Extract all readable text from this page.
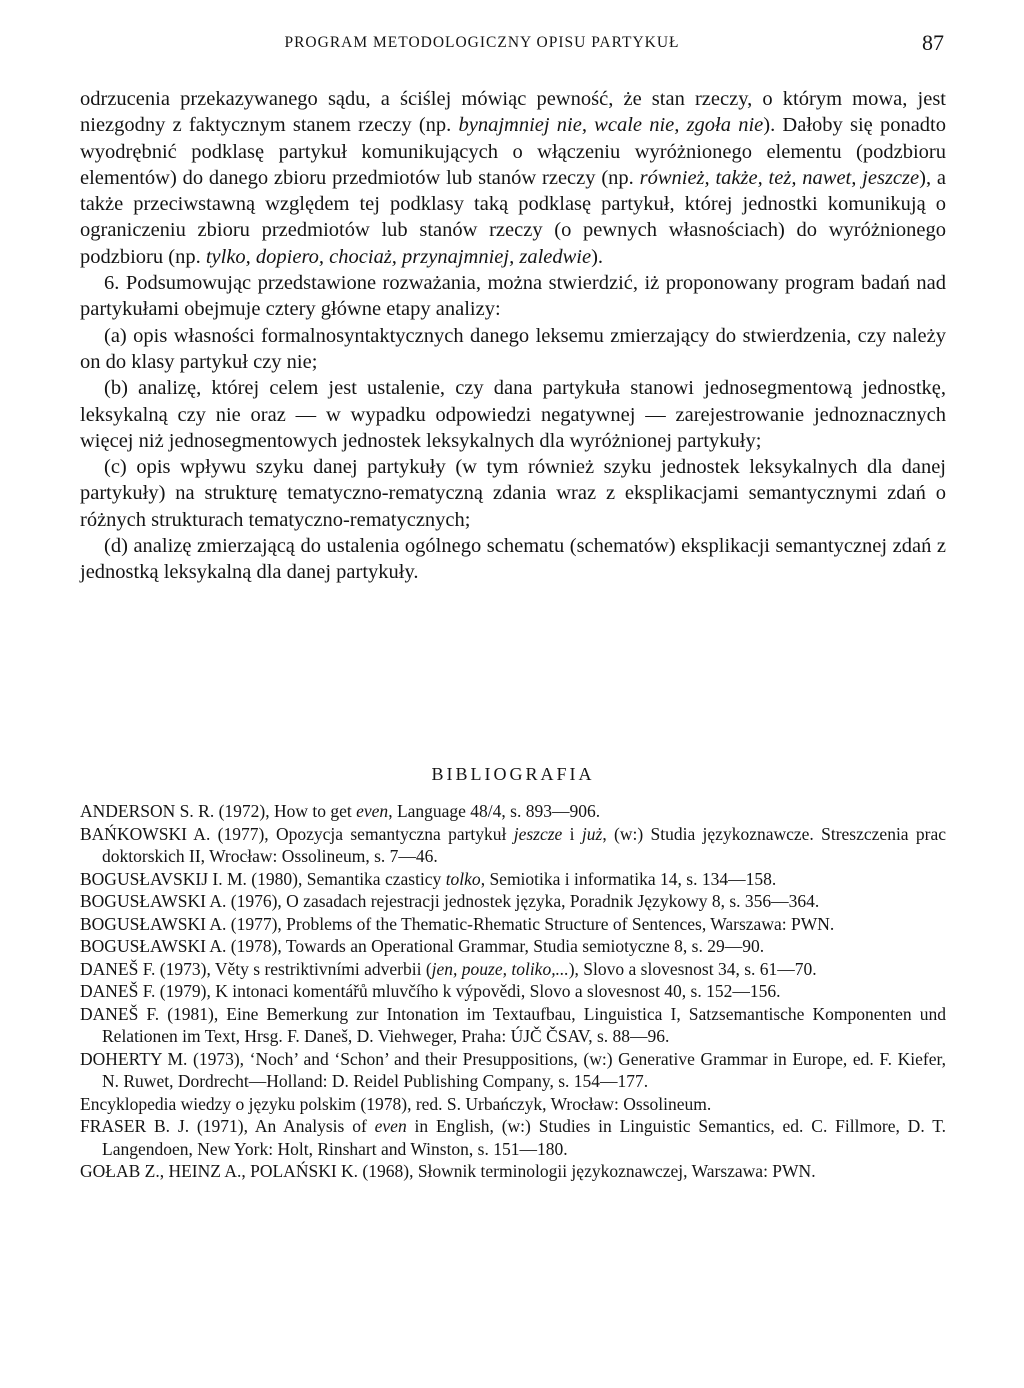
PROGRAM METODOLOGICZNY OPISU PARTYKUŁ	87

odrzucenia przekazywanego sądu, a ściślej mówiąc pewność, że stan rzeczy, o którym mowa, jest niezgodny z faktycznym stanem rzeczy (np. bynajmniej nie, wcale nie, zgoła nie). Dałoby się ponadto wyodrębnić podklasę partykuł komunikujących o włączeniu wyróżnionego elementu (podzbioru elementów) do danego zbioru przedmiotów lub stanów rzeczy (np. również, także, też, nawet, jeszcze), a także przeciwstawną względem tej podklasy taką podklasę partykuł, której jednostki komunikują o ograniczeniu zbioru przedmiotów lub stanów rzeczy (o pewnych własnościach) do wyróżnionego podzbioru (np. tylko, dopiero, chociaż, przynajmniej, zaledwie).

6. Podsumowując przedstawione rozważania, można stwierdzić, iż proponowany program badań nad partykułami obejmuje cztery główne etapy analizy:

(a) opis własności formalnosyntaktycznych danego leksemu zmierzający do stwierdzenia, czy należy on do klasy partykuł czy nie;

(b) analizę, której celem jest ustalenie, czy dana partykuła stanowi jednosegmentową jednostkę, leksykalną czy nie oraz — w wypadku odpowiedzi negatywnej — zarejestrowanie jednoznacznych więcej niż jednosegmentowych jednostek leksykalnych dla wyróżnionej partykuły;

(c) opis wpływu szyku danej partykuły (w tym również szyku jednostek leksykalnych dla danej partykuły) na strukturę tematyczno-rematyczną zdania wraz z eksplikacjami semantycznymi zdań o różnych strukturach tematyczno-rematycznych;

(d) analizę zmierzającą do ustalenia ogólnego schematu (schematów) eksplikacji semantycznej zdań z jednostką leksykalną dla danej partykuły.

BIBLIOGRAFIA

ANDERSON S. R. (1972), How to get even, Language 48/4, s. 893—906.

BAŃKOWSKI A. (1977), Opozycja semantyczna partykuł jeszcze i już, (w:) Studia językoznawcze. Streszczenia prac doktorskich II, Wrocław: Ossolineum, s. 7—46.

BOGUSŁAVSKIJ I. M. (1980), Semantika czasticy tolko, Semiotika i informatika 14, s. 134—158.

BOGUSŁAWSKI A. (1976), O zasadach rejestracji jednostek języka, Poradnik Językowy 8, s. 356—364.

BOGUSŁAWSKI A. (1977), Problems of the Thematic-Rhematic Structure of Sentences, Warszawa: PWN.

BOGUSŁAWSKI A. (1978), Towards an Operational Grammar, Studia semiotyczne 8, s. 29—90.

DANEŠ F. (1973), Věty s restriktivními adverbii (jen, pouze, toliko,...), Slovo a slovesnost 34, s. 61—70.

DANEŠ F. (1979), K intonaci komentářů mluvčího k výpovědi, Slovo a slovesnost 40, s. 152—156.

DANEŠ F. (1981), Eine Bemerkung zur Intonation im Textaufbau, Linguistica I, Satzsemantische Komponenten und Relationen im Text, Hrsg. F. Daneš, D. Viehweger, Praha: ÚJČ ČSAV, s. 88—96.

DOHERTY M. (1973), ‘Noch’ and ‘Schon’ and their Presuppositions, (w:) Generative Grammar in Europe, ed. F. Kiefer, N. Ruwet, Dordrecht—Holland: D. Reidel Publishing Company, s. 154—177.

Encyklopedia wiedzy o języku polskim (1978), red. S. Urbańczyk, Wrocław: Ossolineum.

FRASER B. J. (1971), An Analysis of even in English, (w:) Studies in Linguistic Semantics, ed. C. Fillmore, D. T. Langendoen, New York: Holt, Rinshart and Winston, s. 151—180.

GOŁAB Z., HEINZ A., POLAŃSKI K. (1968), Słownik terminologii językoznawczej, Warszawa: PWN.
